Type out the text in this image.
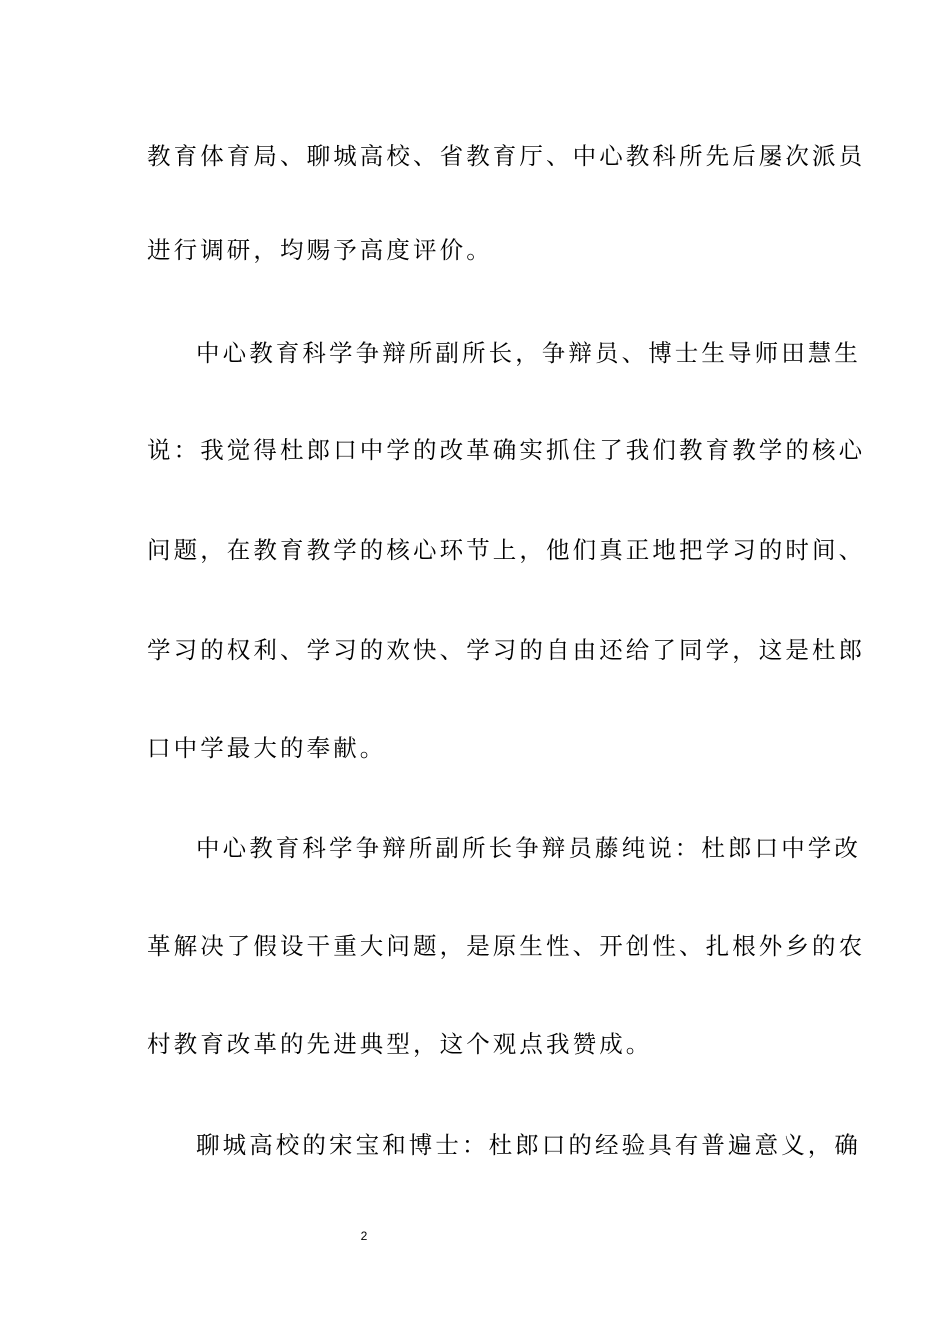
教育体育局、聊城高校、省教育厅、中心教科所先后屡次派员
进行调研，均赐予高度评价。
中心教育科学争辩所副所长，争辩员、博士生导师田慧生
说：我觉得杜郎口中学的改革确实抓住了我们教育教学的核心
问题，在教育教学的核心环节上，他们真正地把学习的时间、
学习的权利、学习的欢快、学习的自由还给了同学，这是杜郎
口中学最大的奉献。
中心教育科学争辩所副所长争辩员藤纯说：杜郎口中学改
革解决了假设干重大问题，是原生性、开创性、扎根外乡的农
村教育改革的先进典型，这个观点我赞成。
聊城高校的宋宝和博士：杜郎口的经验具有普遍意义，确
2
